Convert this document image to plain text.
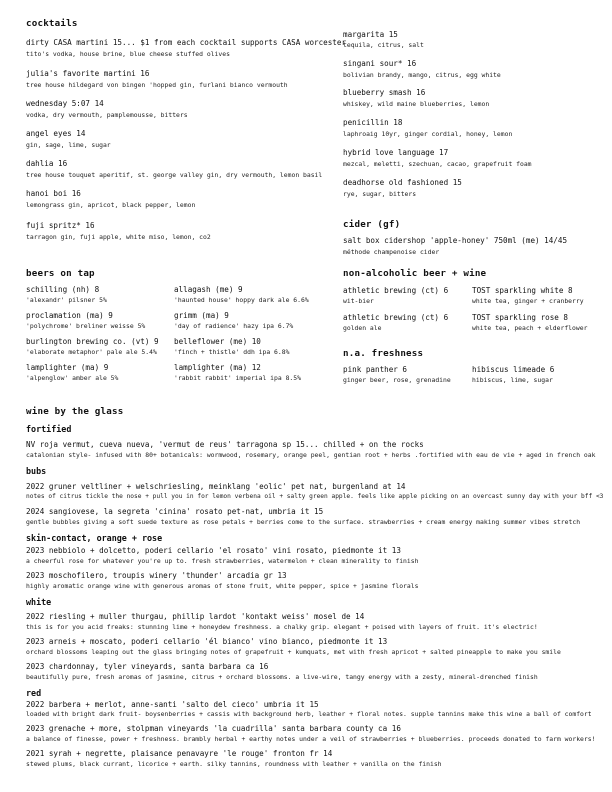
cocktails
dirty CASA martini 15... $1 from each cocktail supports CASA worcester
tito's vodka, house brine, blue cheese stuffed olives
julia's favorite martini 16
tree house hildegard von bingen 'hopped gin, furlani bianco vermouth
wednesday 5:07 14
vodka, dry vermouth, pamplemousse, bitters
angel eyes 14
gin, sage, lime, sugar
dahlia 16
tree house touquet aperitif, st. george valley gin, dry vermouth, lemon basil
hanoi boi 16
lemongrass gin, apricot, black pepper, lemon
fuji spritz* 16
tarragon gin, fuji apple, white miso, lemon, co2
margarita 15
tequila, citrus, salt
singani sour* 16
bolivian brandy, mango, citrus, egg white
blueberry smash 16
whiskey, wild maine blueberries, lemon
penicillin 18
laphroaig 10yr, ginger cordial, honey, lemon
hybrid love language 17
mezcal, meletti, szechuan, cacao, grapefruit foam
deadhorse old fashioned 15
rye, sugar, bitters
cider (gf)
salt box cidershop 'apple-honey' 750ml (me) 14/45
méthode champenoise cider
beers on tap
schilling (nh) 8
'alexandr' pilsner 5%
proclamation (ma) 9
'polychrome' breliner weisse 5%
burlington brewing co. (vt) 9
'elaborate metaphor' pale ale 5.4%
lamplighter (ma) 9
'alpenglow' amber ale 5%
allagash (me) 9
'haunted house' hoppy dark ale 6.6%
grimm (ma) 9
'day of radience' hazy ipa 6.7%
belleflower (me) 10
'finch + thistle' ddh ipa 6.8%
lamplighter (ma) 12
'rabbit rabbit' imperial ipa 8.5%
non-alcoholic beer + wine
athletic brewing (ct) 6
wit-bier
TOST sparkling white 8
white tea, ginger + cranberry
athletic brewing (ct) 6
golden ale
TOST sparkling rose 8
white tea, peach + elderflower
n.a. freshness
pink panther 6
ginger beer, rose, grenadine
hibiscus limeade 6
hibiscus, lime, sugar
wine by the glass
fortified
NV roja vermut, cueva nueva, 'vermut de reus' tarragona sp 15... chilled + on the rocks
catalonian style- infused with 80+ botanicals: wormwood, rosemary, orange peel, gentian root + herbs .fortified with eau de vie + aged in french oak
bubs
2022 gruner veltliner + welschriesling, meinklang 'eolic' pet nat, burgenland at 14
notes of citrus tickle the nose + pull you in for lemon verbena oil + salty green apple. feels like apple picking on an overcast sunny day with your bff <3
2024 sangiovese, la segreta 'cinina' rosato pet-nat, umbria it 15
gentle bubbles giving a soft suede texture as rose petals + berries come to the surface. strawberries + cream energy making summer vibes stretch
skin-contact, orange + rose
2023 nebbiolo + dolcetto, poderi cellario 'el rosato' vini rosato, piedmonte it 13
a cheerful rose for whatever you're up to. fresh strawberries, watermelon + clean minerality to finish
2023 moschofilero, troupis winery 'thunder' arcadia gr 13
highly aromatic orange wine with generous aromas of stone fruit, white pepper, spice + jasmine florals
white
2022 riesling + muller thurgau, phillip lardot 'kontakt weiss' mosel de 14
this is for you acid freaks: stunning lime + honeydew freshness. a chalky grip. elegant + poised with layers of fruit. it's electric!
2023 arneis + moscato, poderi cellario 'él bianco' vino bianco, piedmonte it 13
orchard blossoms leaping out the glass bringing notes of grapefruit + kumquats, met with fresh apricot + salted pineapple to make you smile
2023 chardonnay, tyler vineyards, santa barbara ca 16
beautifully pure, fresh aromas of jasmine, citrus + orchard blossoms. a live-wire, tangy energy with a zesty, mineral-drenched finish
red
2022 barbera + merlot, anne-santi 'salto del cieco' umbria it 15
loaded with bright dark fruit- boysenberries + cassis with background herb, leather + floral notes. supple tannins make this wine a ball of comfort
2023 grenache + more, stolpman vineyards 'la cuadrilla' santa barbara county ca 16
a balance of finesse, power + freshness. brambly herbal + earthy notes under a veil of strawberries + blueberries. proceeds donated to farm workers!
2021 syrah + negrette, plaisance penavayre 'le rouge' fronton fr 14
stewed plums, black currant, licorice + earth. silky tannins, roundness with leather + vanilla on the finish
